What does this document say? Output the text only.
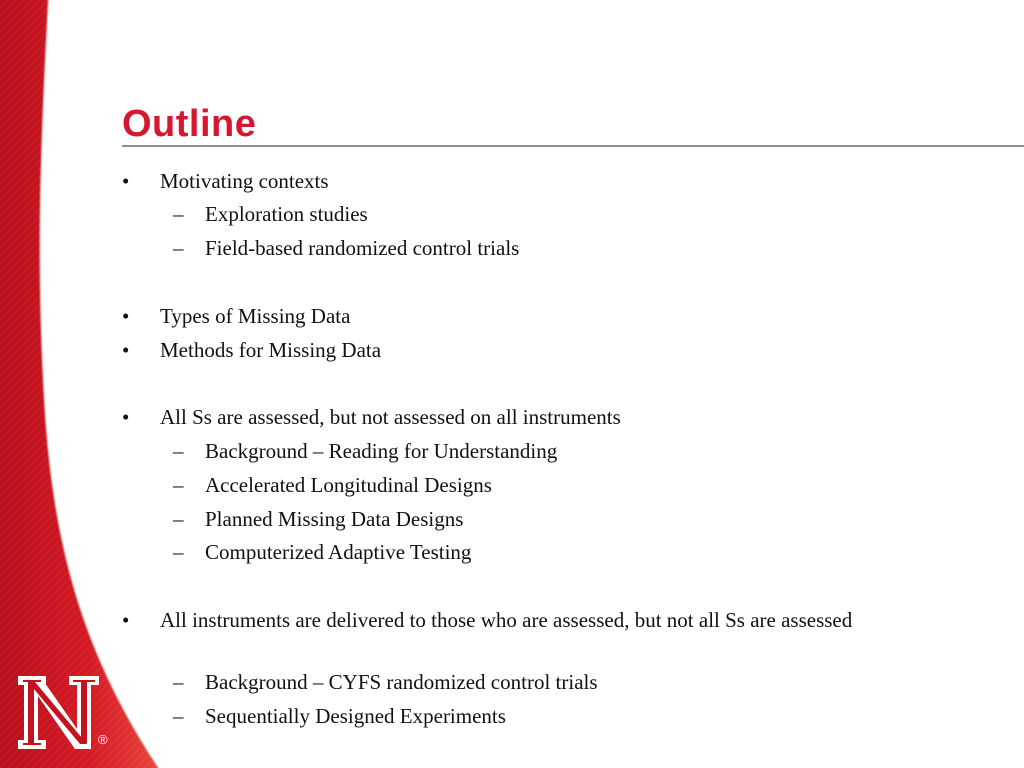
®
Outline
• Motivating contexts
– Exploration studies
– Field-based randomized control trials
• Types of Missing Data
• Methods for Missing Data
• All Ss are assessed, but not assessed on all instruments
– Background – Reading for Understanding
– Accelerated Longitudinal Designs
– Planned Missing Data Designs
– Computerized Adaptive Testing
• All instruments are delivered to those who are assessed, but not all Ss are assessed
– Background – CYFS randomized control trials
– Sequentially Designed Experiments
